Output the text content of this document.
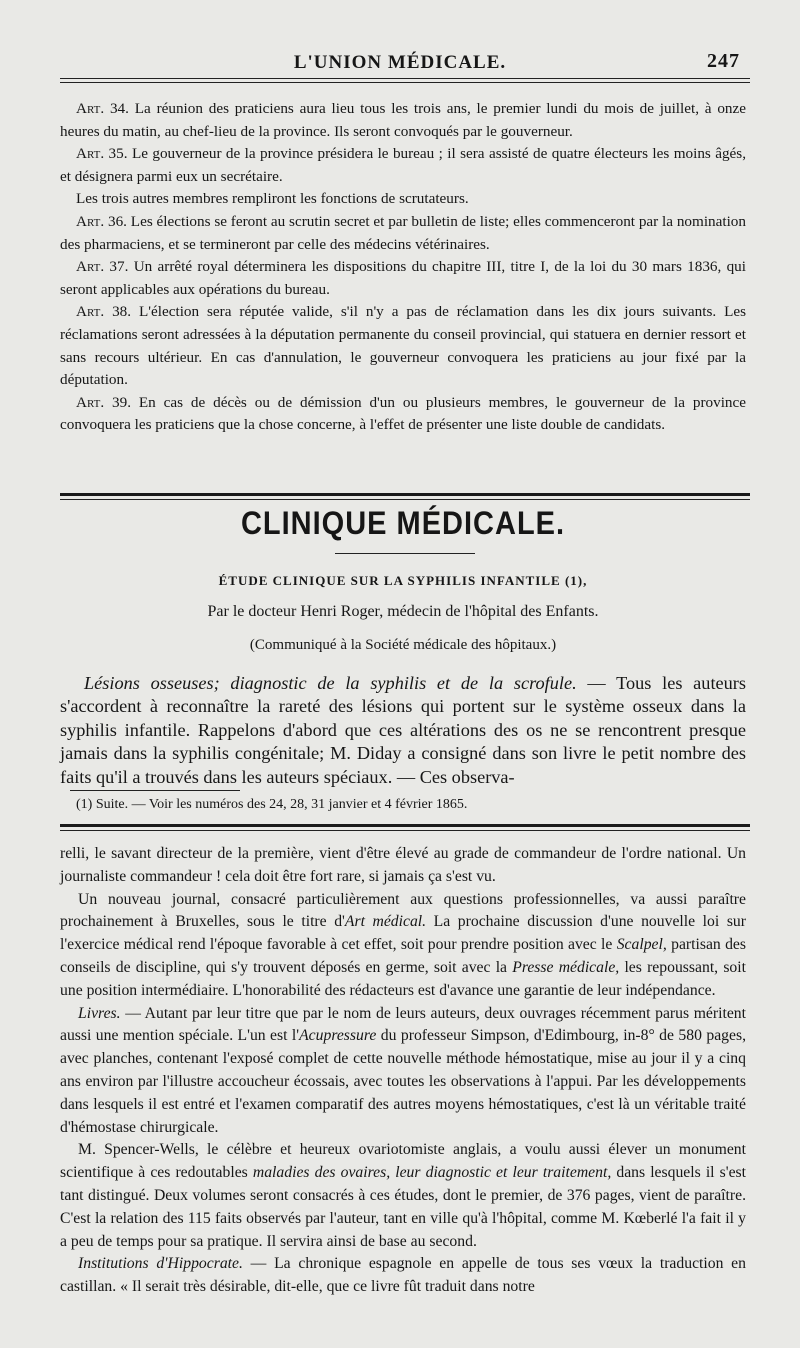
L'UNION MÉDICALE.	247

Art. 34. La réunion des praticiens aura lieu tous les trois ans, le premier lundi du mois de juillet, à onze heures du matin, au chef-lieu de la province. Ils seront convoqués par le gouverneur.

Art. 35. Le gouverneur de la province présidera le bureau ; il sera assisté de quatre électeurs les moins âgés, et désignera parmi eux un secrétaire.

Les trois autres membres rempliront les fonctions de scrutateurs.

Art. 36. Les élections se feront au scrutin secret et par bulletin de liste; elles commenceront par la nomination des pharmaciens, et se termineront par celle des médecins vétérinaires.

Art. 37. Un arrêté royal déterminera les dispositions du chapitre III, titre I, de la loi du 30 mars 1836, qui seront applicables aux opérations du bureau.

Art. 38. L'élection sera réputée valide, s'il n'y a pas de réclamation dans les dix jours suivants. Les réclamations seront adressées à la députation permanente du conseil provincial, qui statuera en dernier ressort et sans recours ultérieur. En cas d'annulation, le gouverneur convoquera les praticiens au jour fixé par la députation.

Art. 39. En cas de décès ou de démission d'un ou plusieurs membres, le gouverneur de la province convoquera les praticiens que la chose concerne, à l'effet de présenter une liste double de candidats.

CLINIQUE MÉDICALE.
ÉTUDE CLINIQUE SUR LA SYPHILIS INFANTILE (1),
Par le docteur Henri Roger, médecin de l'hôpital des Enfants.
(Communiqué à la Société médicale des hôpitaux.)

Lésions osseuses; diagnostic de la syphilis et de la scrofule. — Tous les auteurs s'accordent à reconnaître la rareté des lésions qui portent sur le système osseux dans la syphilis infantile. Rappelons d'abord que ces altérations des os ne se rencontrent presque jamais dans la syphilis congénitale; M. Diday a consigné dans son livre le petit nombre des faits qu'il a trouvés dans les auteurs spéciaux. — Ces observa-

(1) Suite. — Voir les numéros des 24, 28, 31 janvier et 4 février 1865.

relli, le savant directeur de la première, vient d'être élevé au grade de commandeur de l'ordre national. Un journaliste commandeur ! cela doit être fort rare, si jamais ça s'est vu.

Un nouveau journal, consacré particulièrement aux questions professionnelles, va aussi paraître prochainement à Bruxelles, sous le titre d'Art médical. La prochaine discussion d'une nouvelle loi sur l'exercice médical rend l'époque favorable à cet effet, soit pour prendre position avec le Scalpel, partisan des conseils de discipline, qui s'y trouvent déposés en germe, soit avec la Presse médicale, les repoussant, soit une position intermédiaire. L'honorabilité des rédacteurs est d'avance une garantie de leur indépendance.

Livres. — Autant par leur titre que par le nom de leurs auteurs, deux ouvrages récemment parus méritent aussi une mention spéciale. L'un est l'Acupressure du professeur Simpson, d'Edimbourg, in-8° de 580 pages, avec planches, contenant l'exposé complet de cette nouvelle méthode hémostatique, mise au jour il y a cinq ans environ par l'illustre accoucheur écossais, avec toutes les observations à l'appui. Par les développements dans lesquels il est entré et l'examen comparatif des autres moyens hémostatiques, c'est là un véritable traité d'hémostase chirurgicale.

M. Spencer-Wells, le célèbre et heureux ovariotomiste anglais, a voulu aussi élever un monument scientifique à ces redoutables maladies des ovaires, leur diagnostic et leur traitement, dans lesquels il s'est tant distingué. Deux volumes seront consacrés à ces études, dont le premier, de 376 pages, vient de paraître. C'est la relation des 115 faits observés par l'auteur, tant en ville qu'à l'hôpital, comme M. Kœberlé l'a fait il y a peu de temps pour sa pratique. Il servira ainsi de base au second.

Institutions d'Hippocrate. — La chronique espagnole en appelle de tous ses vœux la traduction en castillan. « Il serait très désirable, dit-elle, que ce livre fût traduit dans notre
